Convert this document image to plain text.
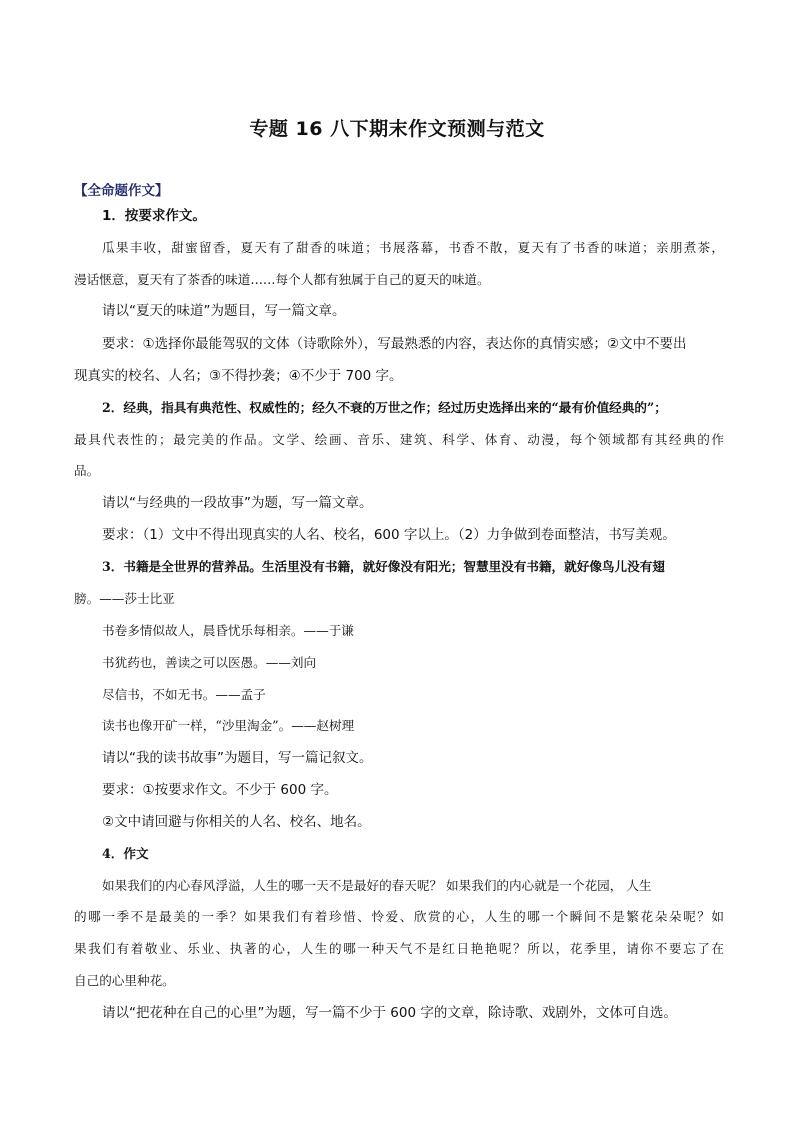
专题 16 八下期末作文预测与范文
【全命题作文】
1．按要求作文。
瓜果丰收，甜蜜留香，夏天有了甜香的味道；书展落幕，书香不散，夏天有了书香的味道；亲朋煮茶，
漫话惬意，夏天有了茶香的味道……每个人都有独属于自己的夏天的味道。
请以“夏天的味道”为题目，写一篇文章。
要求：①选择你最能驾驭的文体（诗歌除外），写最熟悉的内容，表达你的真情实感；②文中不要出
现真实的校名、人名；③不得抄袭；④不少于 700 字。
2．经典，指具有典范性、权威性的；经久不衰的万世之作；经过历史选择出来的“最有价值经典的”；
最具代表性的；最完美的作品。文学、绘画、音乐、建筑、科学、体育、动漫，每个领域都有其经典的作
品。
请以“与经典的一段故事”为题，写一篇文章。
要求：（1）文中不得出现真实的人名、校名，600 字以上。（2）力争做到卷面整洁，书写美观。
3．书籍是全世界的营养品。生活里没有书籍，就好像没有阳光；智慧里没有书籍，就好像鸟儿没有翅
膀。——莎士比亚
书卷多情似故人，晨昏忧乐每相亲。——于谦
书犹药也，善读之可以医愚。——刘向
尽信书，不如无书。——孟子
读书也像开矿一样，“沙里淘金”。——赵树理
请以“我的读书故事”为题目，写一篇记叙文。
要求：①按要求作文。不少于 600 字。
②文中请回避与你相关的人名、校名、地名。
4．作文
如果我们的内心春风浮溢，人生的哪一天不是最好的春天呢？ 如果我们的内心就是一个花园， 人生
的哪一季不是最美的一季？如果我们有着珍惜、怜爱、欣赏的心，人生的哪一个瞬间不是繁花朵朵呢？如
果我们有着敬业、乐业、执著的心，人生的哪一种天气不是红日艳艳呢？所以，花季里，请你不要忘了在
自己的心里种花。
请以“把花种在自己的心里”为题，写一篇不少于 600 字的文章，除诗歌、戏剧外，文体可自选。
